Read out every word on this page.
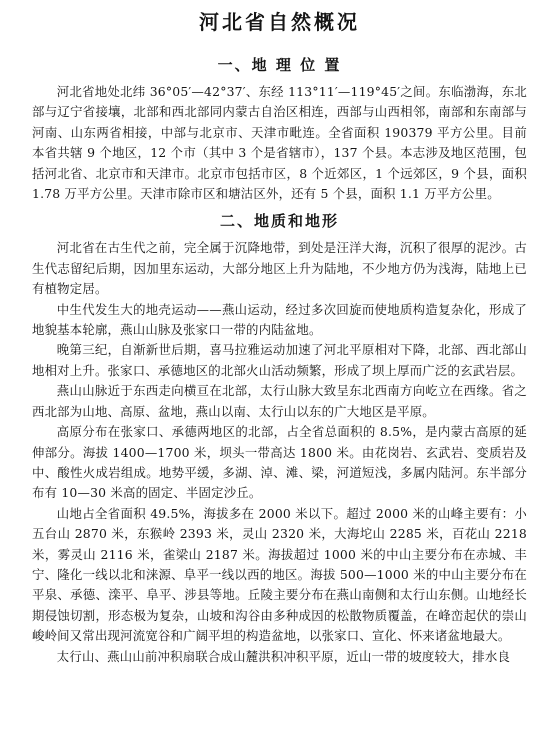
河北省自然概况
一、地 理 位 置

河北省地处北纬 36°05′—42°37′、东经 113°11′—119°45′之间。东临渤海，东北部与辽宁省接壤，北部和西北部同内蒙古自治区相连，西部与山西相邻，南部和东南部与河南、山东两省相接，中部与北京市、天津市毗连。全省面积 190379 平方公里。目前本省共辖 9 个地区，12 个市（其中 3 个是省辖市），137 个县。本志涉及地区范围，包括河北省、北京市和天津市。北京市包括市区，8 个近郊区，1 个远郊区，9 个县，面积 1.78 万平方公里。天津市除市区和塘沽区外，还有 5 个县，面积 1.1 万平方公里。

二、地质和地形

河北省在古生代之前，完全属于沉降地带，到处是汪洋大海，沉积了很厚的泥沙。古生代志留纪后期，因加里东运动，大部分地区上升为陆地，不少地方仍为浅海，陆地上已有植物定居。

中生代发生大的地壳运动——燕山运动，经过多次回旋而使地质构造复杂化，形成了地貌基本轮廓，燕山山脉及张家口一带的内陆盆地。

晚第三纪，自渐新世后期，喜马拉雅运动加速了河北平原相对下降，北部、西北部山地相对上升。张家口、承德地区的北部火山活动频繁，形成了坝上厚而广泛的玄武岩层。

燕山山脉近于东西走向横亘在北部，太行山脉大致呈东北西南方向屹立在西缘。省之西北部为山地、高原、盆地，燕山以南、太行山以东的广大地区是平原。

高原分布在张家口、承德两地区的北部，占全省总面积的 8.5%，是内蒙古高原的延伸部分。海拔 1400—1700 米，坝头一带高达 1800 米。由花岗岩、玄武岩、变质岩及中、酸性火成岩组成。地势平缓，多湖、淖、滩、梁，河道短浅，多属内陆河。东半部分布有 10—30 米高的固定、半固定沙丘。

山地占全省面积 49.5%，海拔多在 2000 米以下。超过 2000 米的山峰主要有：小五台山 2870 米，东猴岭 2393 米，灵山 2320 米，大海坨山 2285 米，百花山 2218 米，雾灵山 2116 米，雀梁山 2187 米。海拔超过 1000 米的中山主要分布在赤城、丰宁、隆化一线以北和涞源、阜平一线以西的地区。海拔 500—1000 米的中山主要分布在平泉、承德、滦平、阜平、涉县等地。丘陵主要分布在燕山南侧和太行山东侧。山地经长期侵蚀切割，形态极为复杂，山坡和沟谷由多种成因的松散物质覆盖，在峰峦起伏的崇山峻岭间又常出现河流宽谷和广阔平坦的构造盆地，以张家口、宣化、怀来诸盆地最大。

太行山、燕山山前冲积扇联合成山麓洪积冲积平原，近山一带的坡度较大，排水良
